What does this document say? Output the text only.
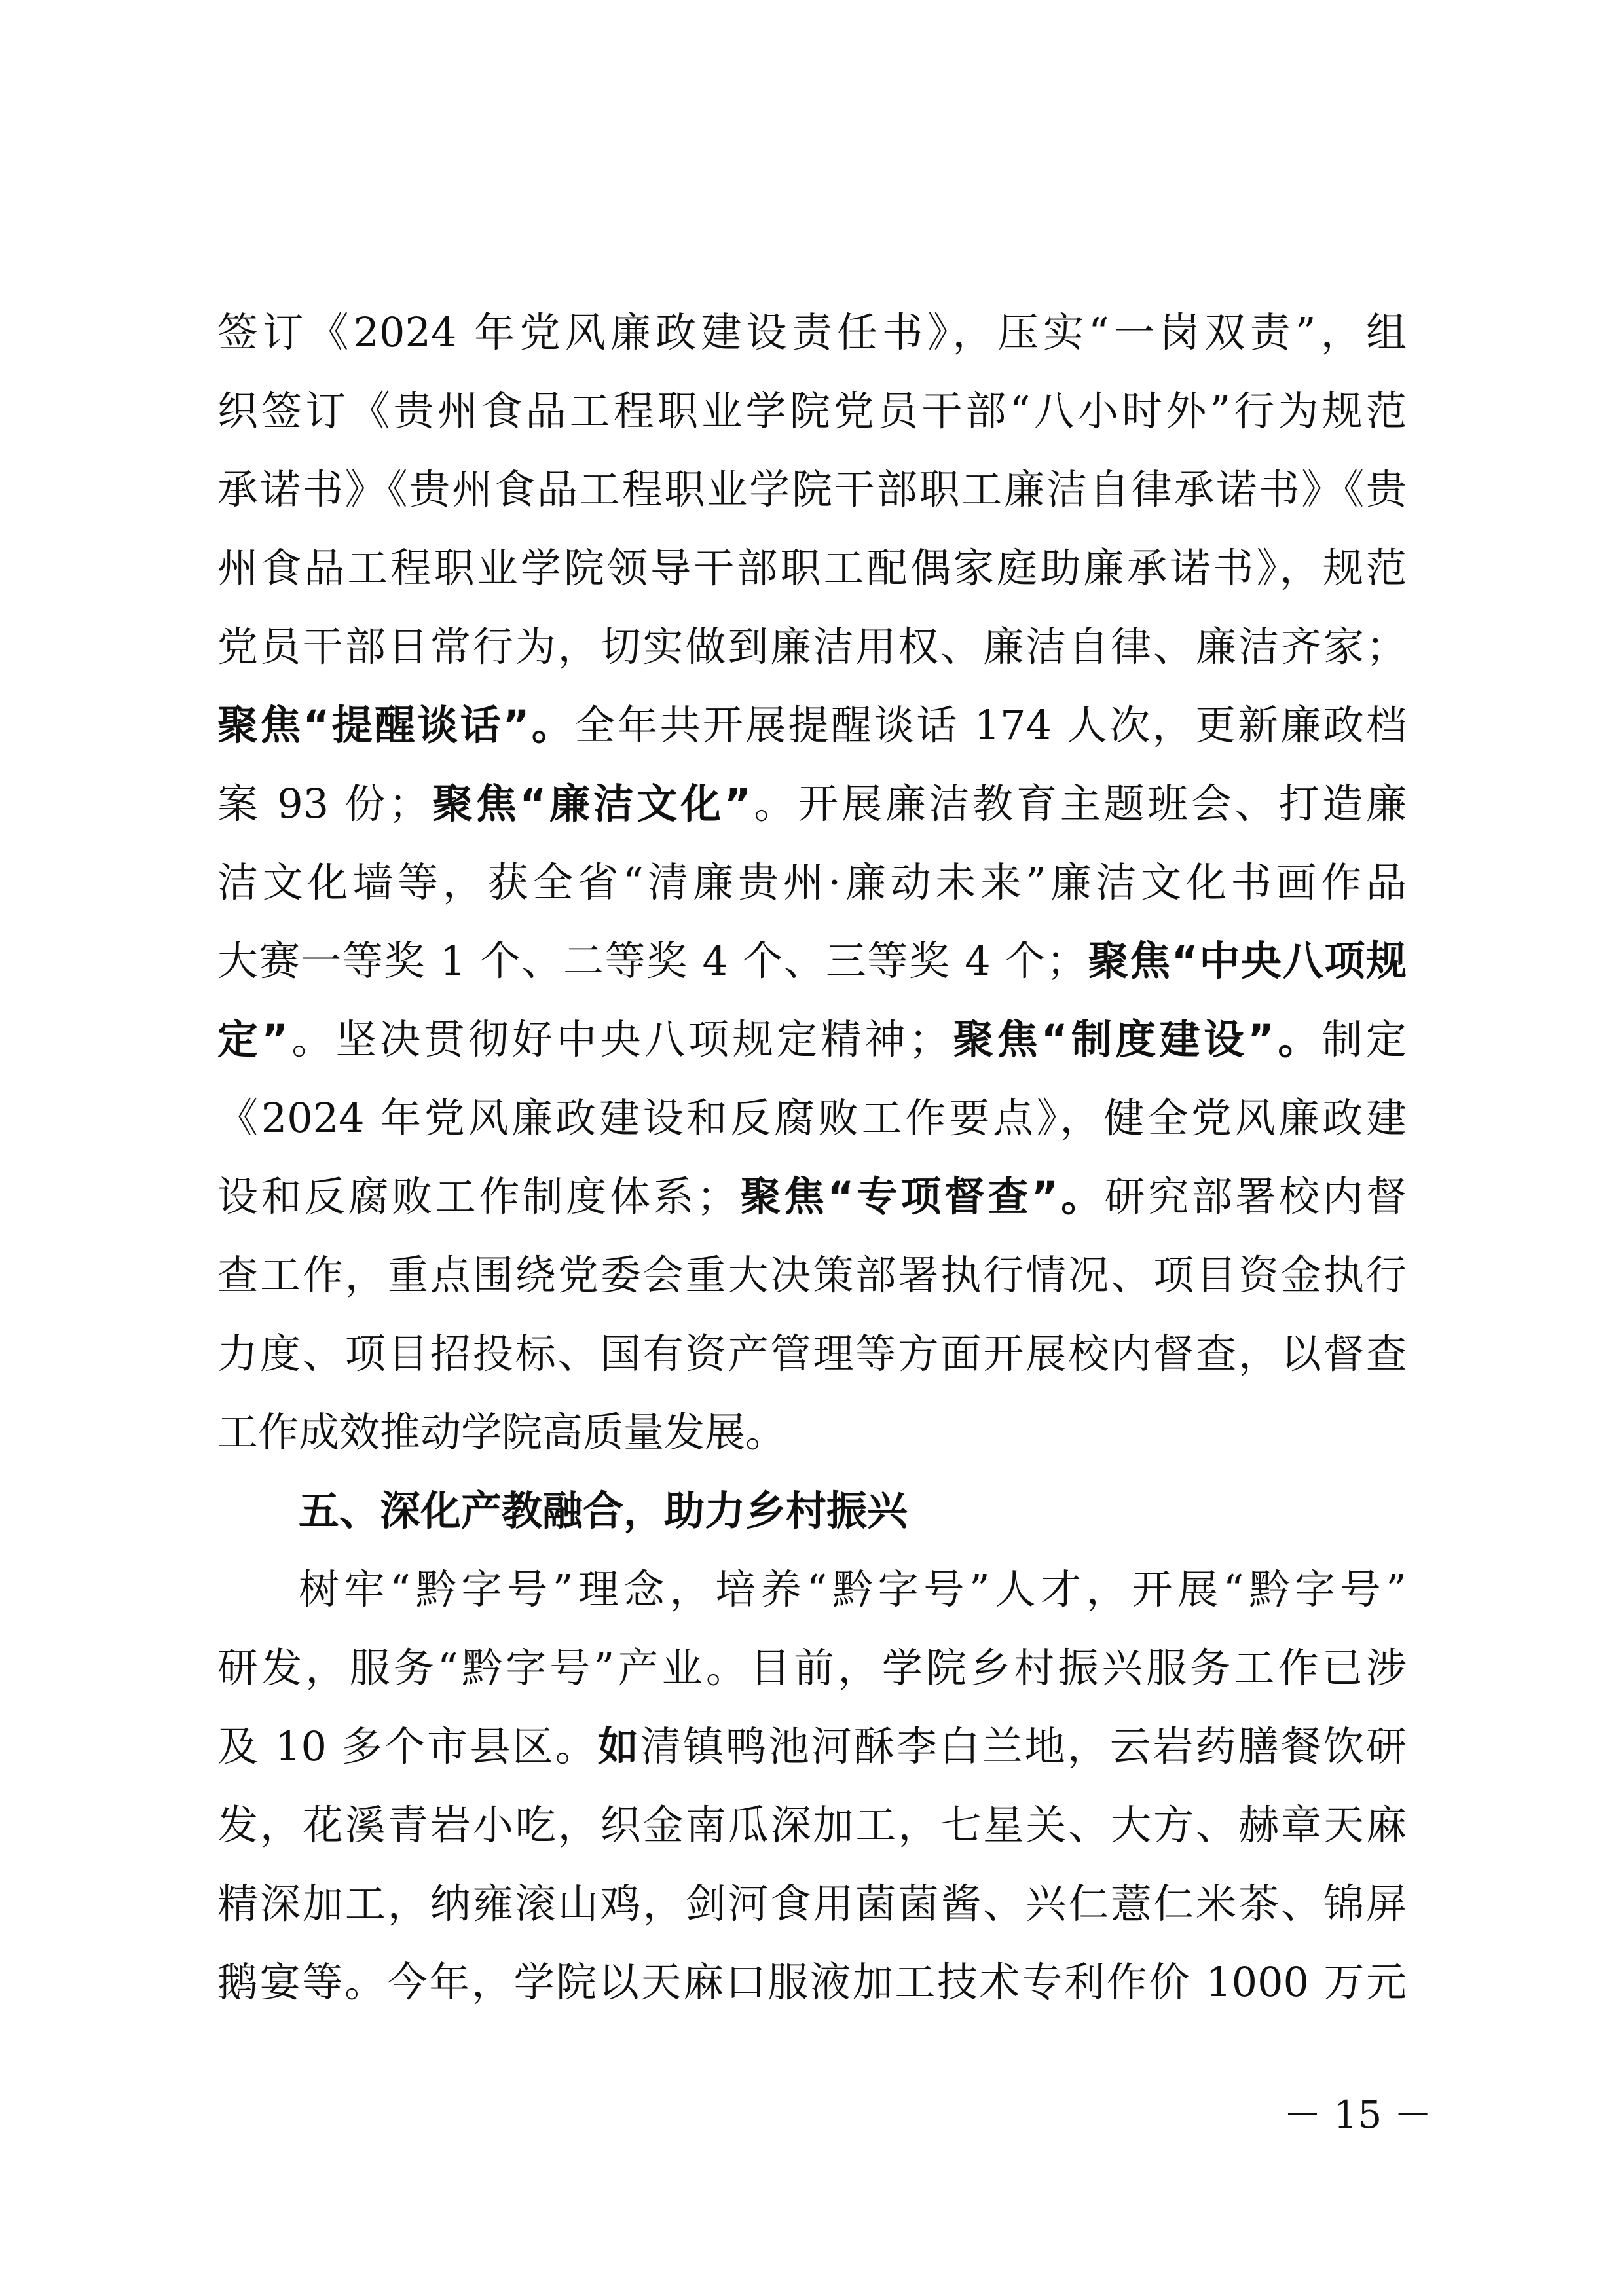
签订《2024 年党风廉政建设责任书》，压实“一岗双责”，组
织签订《贵州食品工程职业学院党员干部“八小时外”行为规范
承诺书》《贵州食品工程职业学院干部职工廉洁自律承诺书》《贵
州食品工程职业学院领导干部职工配偶家庭助廉承诺书》，规范
党员干部日常行为，切实做到廉洁用权、廉洁自律、廉洁齐家；
聚焦“提醒谈话”。全年共开展提醒谈话 174 人次，更新廉政档
案 93 份；聚焦“廉洁文化”。开展廉洁教育主题班会、打造廉
洁文化墙等，获全省“清廉贵州·廉动未来”廉洁文化书画作品
大赛一等奖 1 个、二等奖 4 个、三等奖 4 个；聚焦“中央八项规
定”。坚决贯彻好中央八项规定精神；聚焦“制度建设”。制定
《2024 年党风廉政建设和反腐败工作要点》，健全党风廉政建
设和反腐败工作制度体系；聚焦“专项督查”。研究部署校内督
查工作，重点围绕党委会重大决策部署执行情况、项目资金执行
力度、项目招投标、国有资产管理等方面开展校内督查，以督查
工作成效推动学院高质量发展。
五、深化产教融合，助力乡村振兴
树牢“黔字号”理念，培养“黔字号”人才，开展“黔字号”
研发，服务“黔字号”产业。目前，学院乡村振兴服务工作已涉
及 10 多个市县区。如清镇鸭池河酥李白兰地，云岩药膳餐饮研
发，花溪青岩小吃，织金南瓜深加工，七星关、大方、赫章天麻
精深加工，纳雍滚山鸡，剑河食用菌菌酱、兴仁薏仁米茶、锦屏
鹅宴等。今年，学院以天麻口服液加工技术专利作价 1000 万元
－ 15 －
